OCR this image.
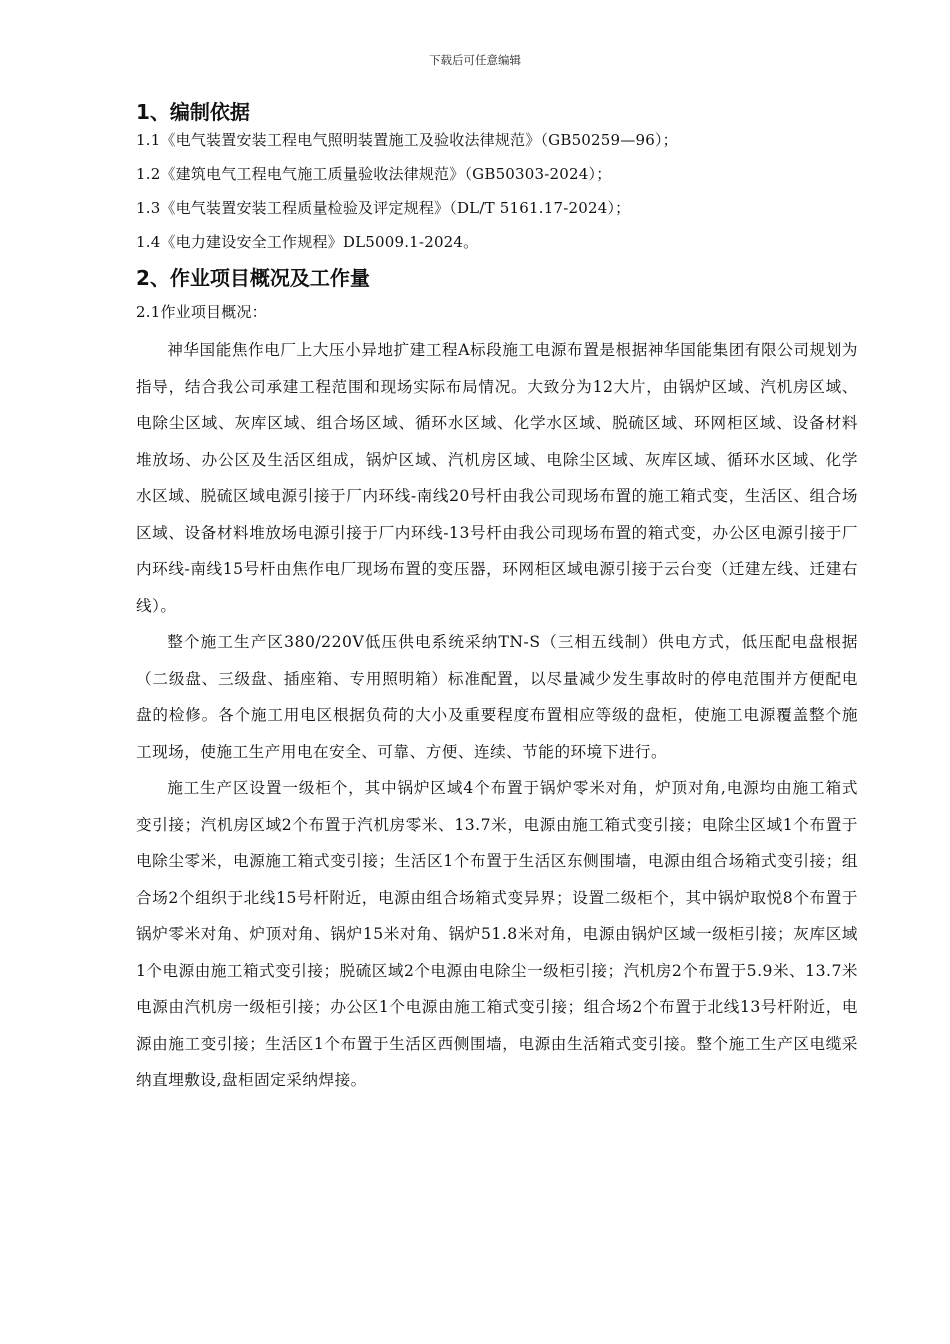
下载后可任意编辑
1、编制依据

1.1《电气装置安装工程电气照明装置施工及验收法律规范》（GB50259—96）；

1.2《建筑电气工程电气施工质量验收法律规范》（GB50303-2024）；

1.3《电气装置安装工程质量检验及评定规程》（DL/T 5161.17-2024）；

1.4《电力建设安全工作规程》DL5009.1-2024。

2、作业项目概况及工作量

2.1作业项目概况：

神华国能焦作电厂上大压小异地扩建工程A标段施工电源布置是根据神华国能集团有限公司规划为指导，结合我公司承建工程范围和现场实际布局情况。大致分为12大片，由锅炉区域、汽机房区域、电除尘区域、灰库区域、组合场区域、循环水区域、化学水区域、脱硫区域、环网柜区域、设备材料堆放场、办公区及生活区组成，锅炉区域、汽机房区域、电除尘区域、灰库区域、循环水区域、化学水区域、脱硫区域电源引接于厂内环线-南线20号杆由我公司现场布置的施工箱式变，生活区、组合场区域、设备材料堆放场电源引接于厂内环线-13号杆由我公司现场布置的箱式变，办公区电源引接于厂内环线-南线15号杆由焦作电厂现场布置的变压器，环网柜区域电源引接于云台变（迁建左线、迁建右线）。

整个施工生产区380/220V低压供电系统采纳TN-S（三相五线制）供电方式，低压配电盘根据（二级盘、三级盘、插座箱、专用照明箱）标准配置，以尽量减少发生事故时的停电范围并方便配电盘的检修。各个施工用电区根据负荷的大小及重要程度布置相应等级的盘柜，使施工电源覆盖整个施工现场，使施工生产用电在安全、可靠、方便、连续、节能的环境下进行。

施工生产区设置一级柜个，其中锅炉区域4个布置于锅炉零米对角，炉顶对角,电源均由施工箱式变引接；汽机房区域2个布置于汽机房零米、13.7米，电源由施工箱式变引接；电除尘区域1个布置于电除尘零米，电源施工箱式变引接；生活区1个布置于生活区东侧围墙，电源由组合场箱式变引接；组合场2个组织于北线15号杆附近，电源由组合场箱式变异界；设置二级柜个，其中锅炉取悦8个布置于锅炉零米对角、炉顶对角、锅炉15米对角、锅炉51.8米对角，电源由锅炉区域一级柜引接；灰库区域1个电源由施工箱式变引接；脱硫区域2个电源由电除尘一级柜引接；汽机房2个布置于5.9米、13.7米电源由汽机房一级柜引接；办公区1个电源由施工箱式变引接；组合场2个布置于北线13号杆附近，电源由施工变引接；生活区1个布置于生活区西侧围墙，电源由生活箱式变引接。整个施工生产区电缆采纳直埋敷设,盘柜固定采纳焊接。
